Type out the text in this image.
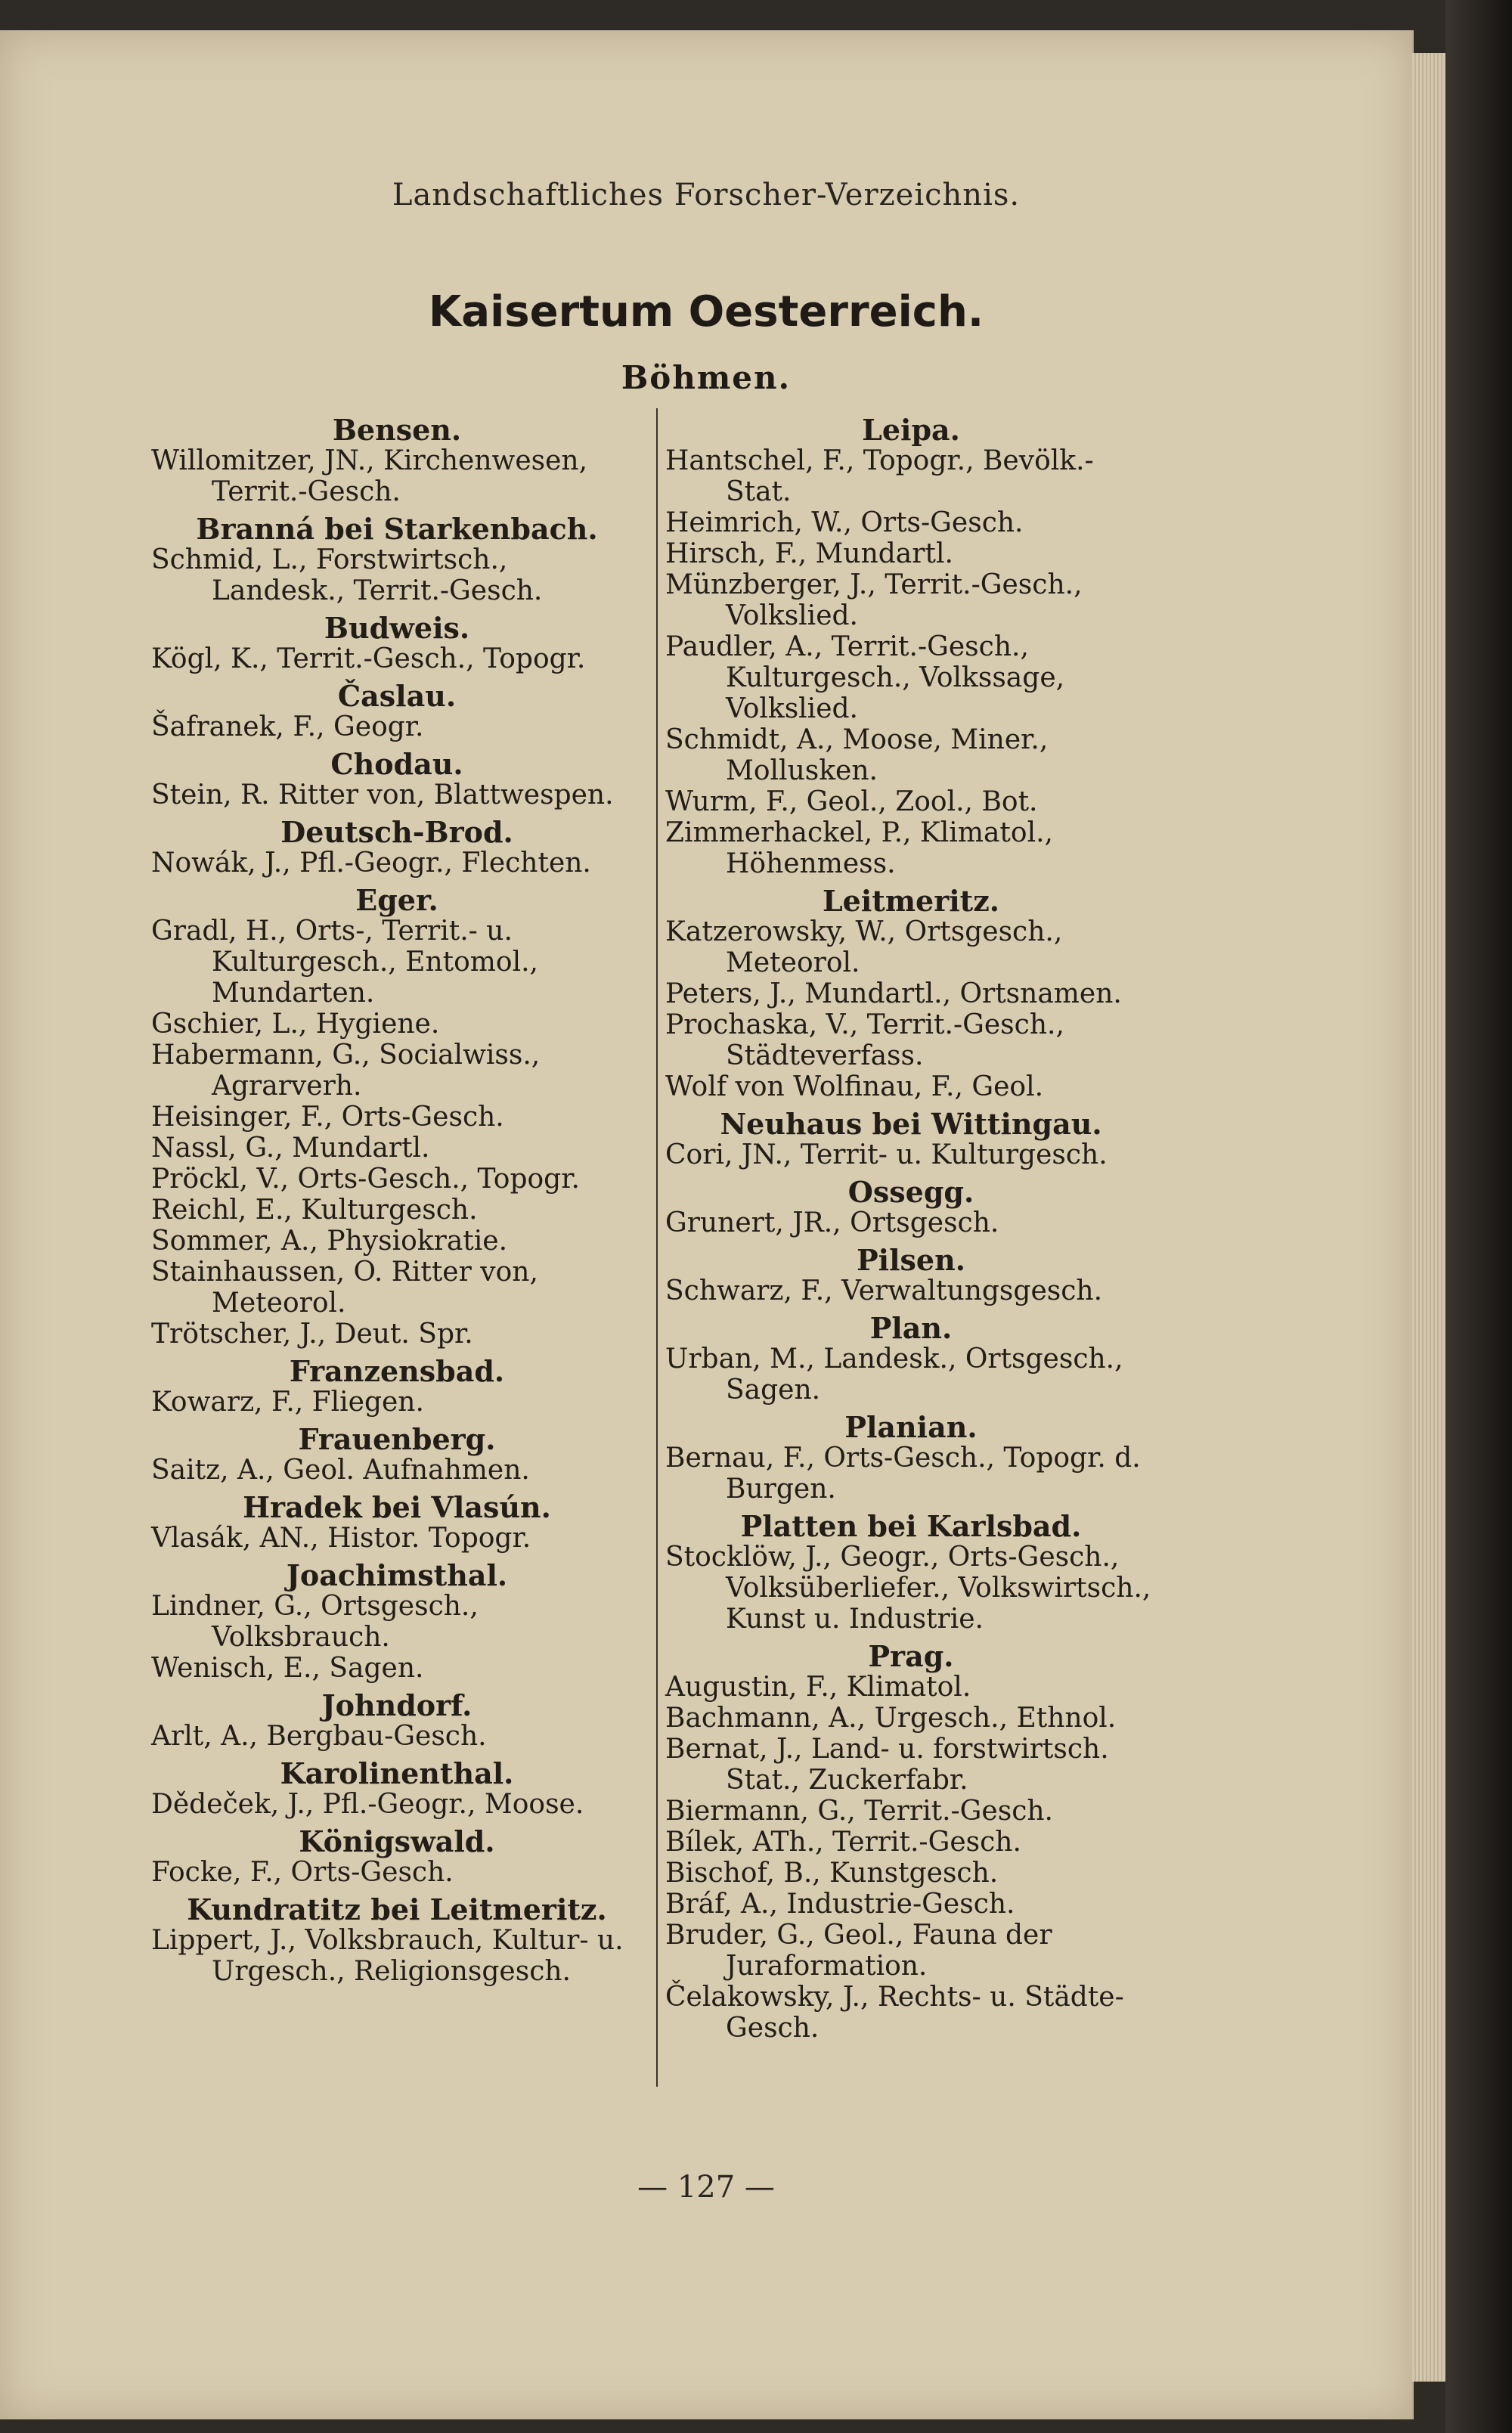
Landschaftliches Forscher-Verzeichnis.
Kaisertum Oesterreich.
Böhmen.
Bensen.
Willomitzer, JN., Kirchenwesen, Territ.-Gesch.
Branná bei Starkenbach.
Schmid, L., Forstwirtsch., Landesk., Territ.-Gesch.
Budweis.
Kögl, K., Territ.-Gesch., Topogr.
Časlau.
Šafranek, F., Geogr.
Chodau.
Stein, R. Ritter von, Blattwespen.
Deutsch-Brod.
Nowák, J., Pfl.-Geogr., Flechten.
Eger.
Gradl, H., Orts-, Territ.- u. Kulturgesch., Entomol., Mundarten.
Gschier, L., Hygiene.
Habermann, G., Socialwiss., Agrarverh.
Heisinger, F., Orts-Gesch.
Nassl, G., Mundartl.
Pröckl, V., Orts-Gesch., Topogr.
Reichl, E., Kulturgesch.
Sommer, A., Physiokratie.
Stainhaussen, O. Ritter von, Meteorol.
Trötscher, J., Deut. Spr.
Franzensbad.
Kowarz, F., Fliegen.
Frauenberg.
Saitz, A., Geol. Aufnahmen.
Hradek bei Vlasún.
Vlasák, AN., Histor. Topogr.
Joachimsthal.
Lindner, G., Ortsgesch., Volksbrauch.
Wenisch, E., Sagen.
Johndorf.
Arlt, A., Bergbau-Gesch.
Karolinenthal.
Dědeček, J., Pfl.-Geogr., Moose.
Königswald.
Focke, F., Orts-Gesch.
Kundratitz bei Leitmeritz.
Lippert, J., Volksbrauch, Kultur- u. Urgesch., Religionsgesch.
Leipa.
Hantschel, F., Topogr., Bevölk.-Stat.
Heimrich, W., Orts-Gesch.
Hirsch, F., Mundartl.
Münzberger, J., Territ.-Gesch., Volkslied.
Paudler, A., Territ.-Gesch., Kulturgesch., Volkssage, Volkslied.
Schmidt, A., Moose, Miner., Mollusken.
Wurm, F., Geol., Zool., Bot.
Zimmerhackel, P., Klimatol., Höhenmess.
Leitmeritz.
Katzerowsky, W., Ortsgesch., Meteorol.
Peters, J., Mundartl., Ortsnamen.
Prochaska, V., Territ.-Gesch., Städteverfass.
Wolf von Wolfinau, F., Geol.
Neuhaus bei Wittingau.
Cori, JN., Territ- u. Kulturgesch.
Ossegg.
Grunert, JR., Ortsgesch.
Pilsen.
Schwarz, F., Verwaltungsgesch.
Plan.
Urban, M., Landesk., Ortsgesch., Sagen.
Planian.
Bernau, F., Orts-Gesch., Topogr. d. Burgen.
Platten bei Karlsbad.
Stocklöw, J., Geogr., Orts-Gesch., Volksüberliefer., Volkswirtsch., Kunst u. Industrie.
Prag.
Augustin, F., Klimatol.
Bachmann, A., Urgesch., Ethnol.
Bernat, J., Land- u. forstwirtsch. Stat., Zuckerfabr.
Biermann, G., Territ.-Gesch.
Bílek, ATh., Territ.-Gesch.
Bischof, B., Kunstgesch.
Bráf, A., Industrie-Gesch.
Bruder, G., Geol., Fauna der Juraformation.
Čelakowsky, J., Rechts- u. Städte-Gesch.
— 127 —
